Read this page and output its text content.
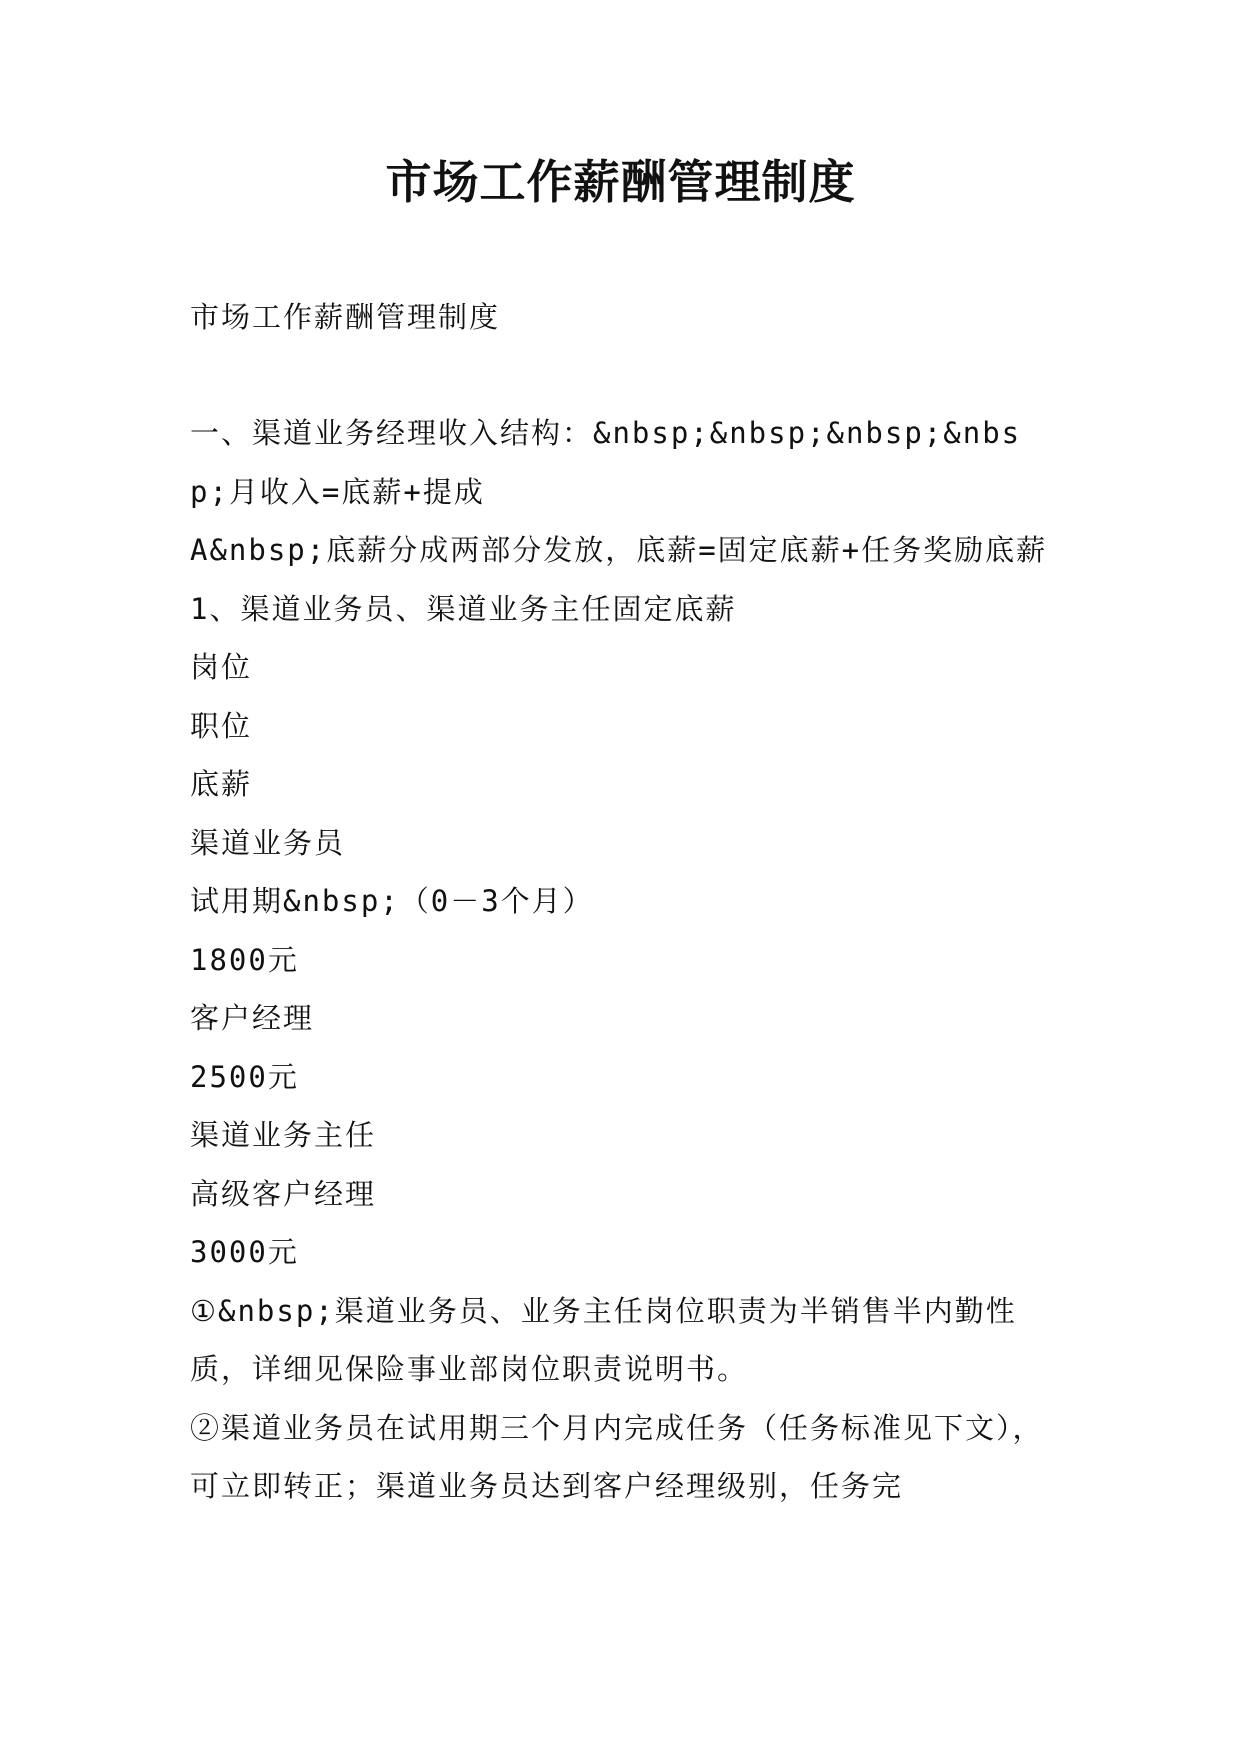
市场工作薪酬管理制度

市场工作薪酬管理制度

一、渠道业务经理收入结构：&nbsp;&nbsp;&nbsp;&nbsp;月收入=底薪+提成

A&nbsp;底薪分成两部分发放，底薪=固定底薪+任务奖励底薪

1、渠道业务员、渠道业务主任固定底薪

岗位

职位

底薪

渠道业务员

试用期&nbsp;（0－3个月）

1800元

客户经理

2500元

渠道业务主任

高级客户经理

3000元

①&nbsp;渠道业务员、业务主任岗位职责为半销售半内勤性质，详细见保险事业部岗位职责说明书。

②渠道业务员在试用期三个月内完成任务（任务标准见下文），可立即转正；渠道业务员达到客户经理级别，任务完
